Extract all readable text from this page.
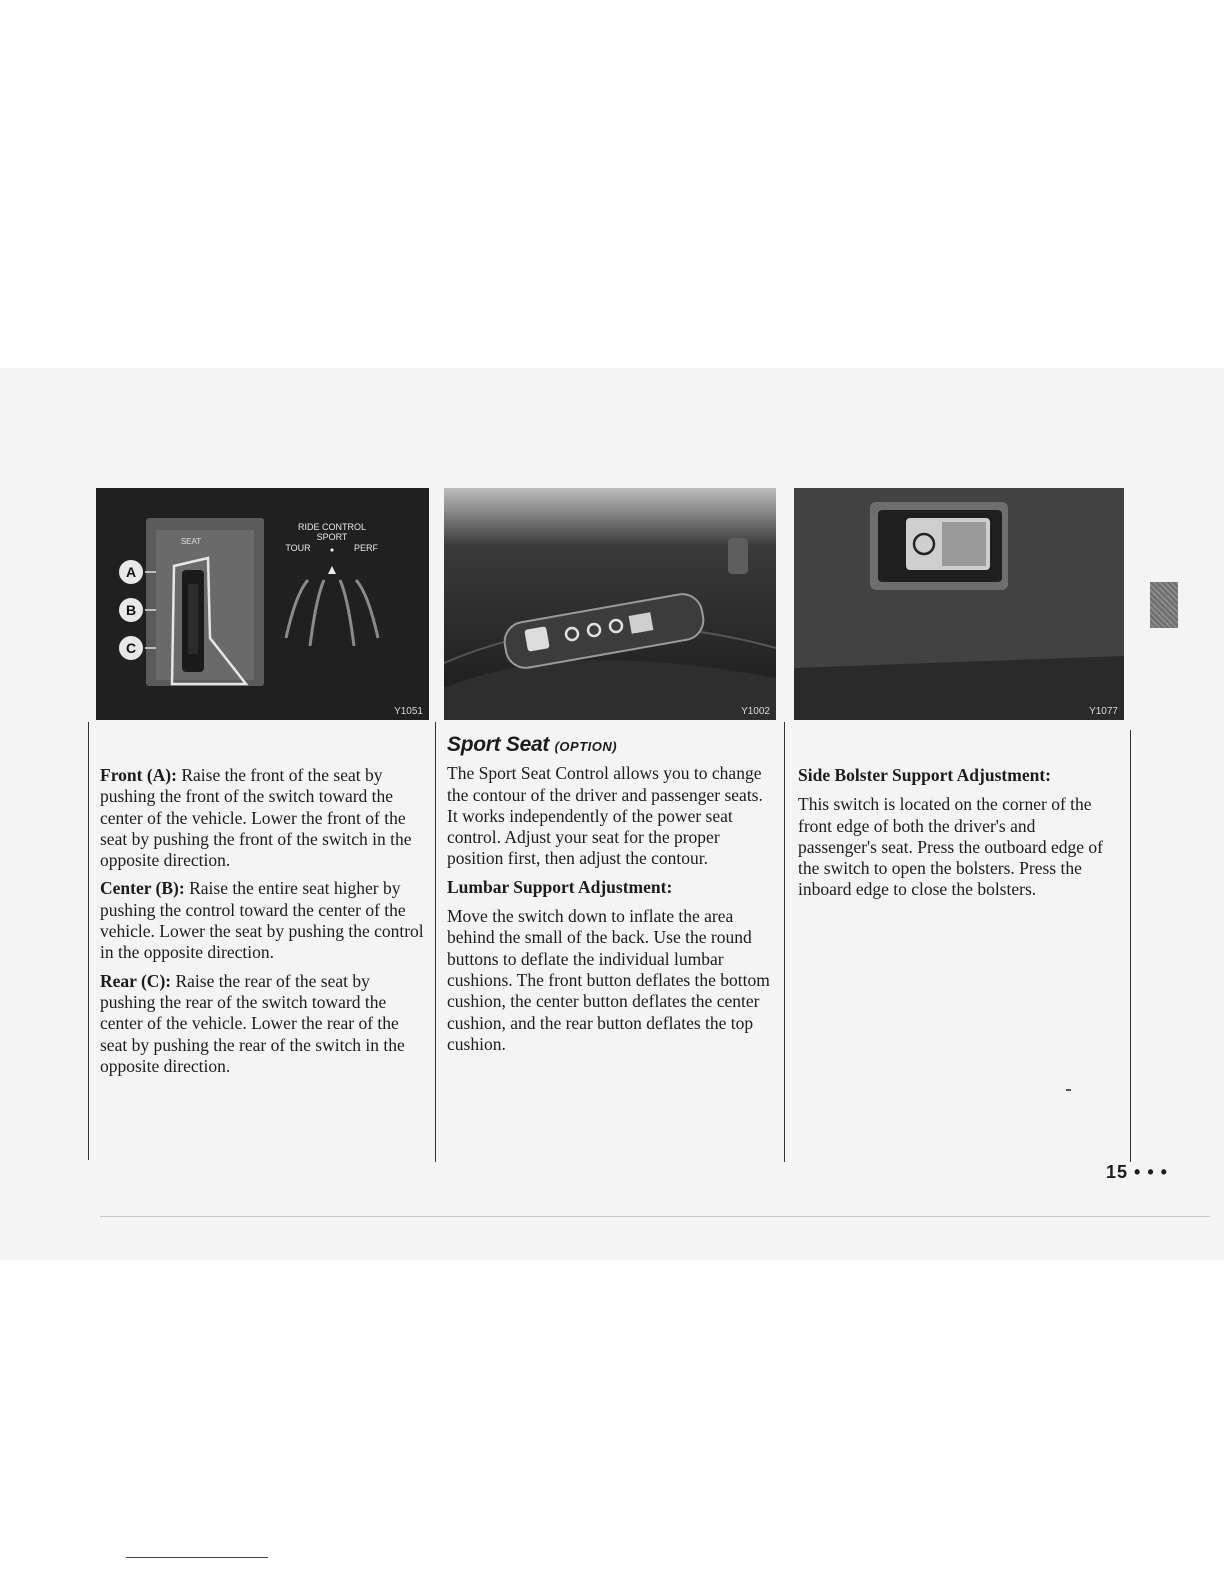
A
B
C
SEAT
RIDE CONTROL
SPORT
TOUR	PERF
Y1051	Y1002	Y1077

Front (A): Raise the front of the seat by pushing the front of the switch toward the center of the vehicle. Lower the front of the seat by pushing the front of the switch in the opposite direction.

Center (B): Raise the entire seat higher by pushing the control toward the center of the vehicle. Lower the seat by pushing the control in the opposite direction.

Rear (C): Raise the rear of the seat by pushing the rear of the switch toward the center of the vehicle. Lower the rear of the seat by pushing the rear of the switch in the opposite direction.

Sport Seat (OPTION)

The Sport Seat Control allows you to change the contour of the driver and passenger seats. It works independently of the power seat control. Adjust your seat for the proper position first, then adjust the contour.

Lumbar Support Adjustment:

Move the switch down to inflate the area behind the small of the back. Use the round buttons to deflate the individual lumbar cushions. The front button deflates the bottom cushion, the center button deflates the center cushion, and the rear button deflates the top cushion.

Side Bolster Support Adjustment:

This switch is located on the corner of the front edge of both the driver's and passenger's seat. Press the outboard edge of the switch to open the bolsters. Press the inboard edge to close the bolsters.

15 • • •
